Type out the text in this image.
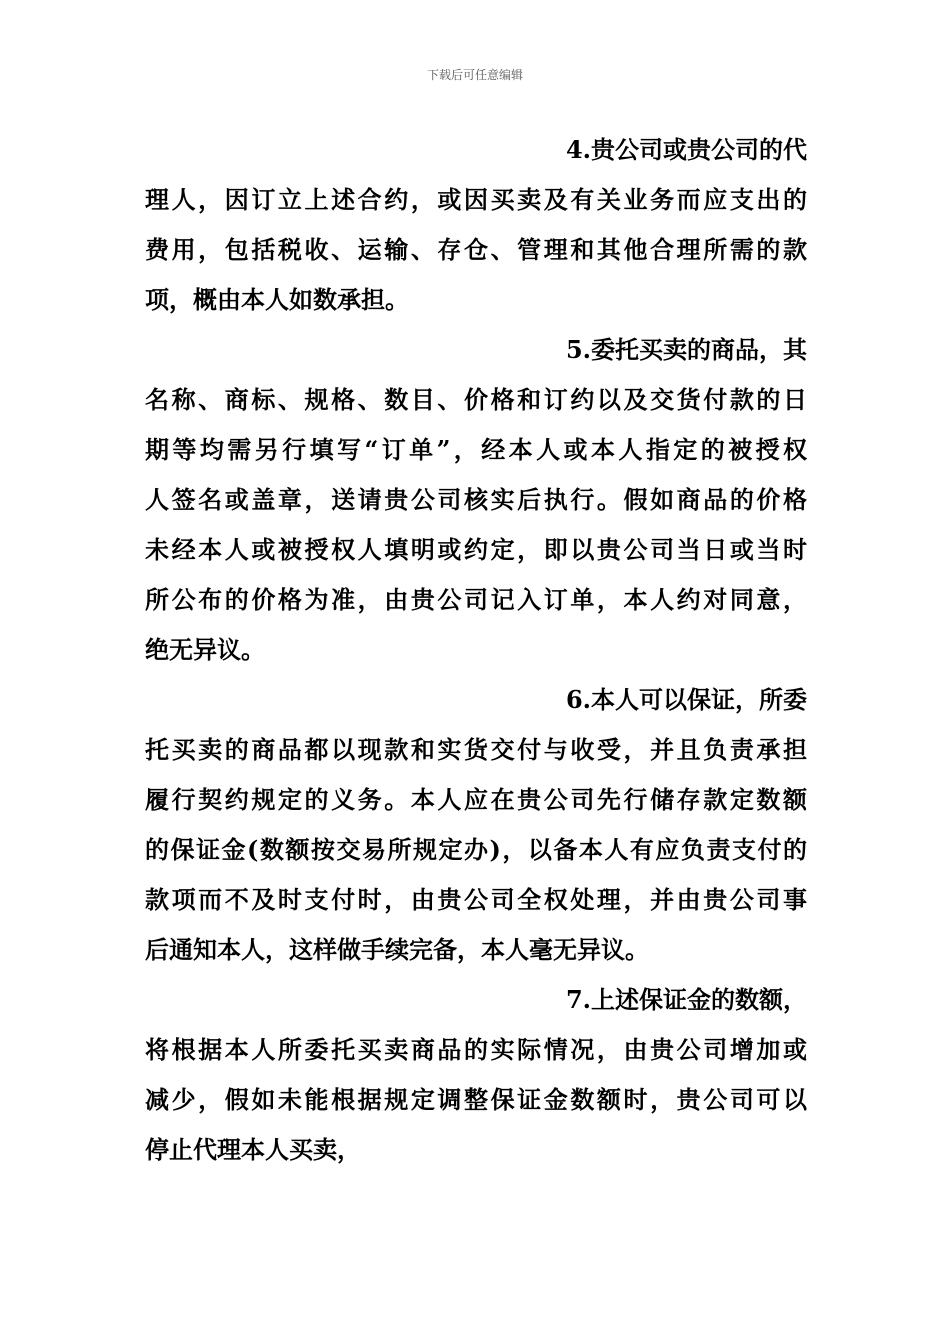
下载后可任意编辑

4.贵公司或贵公司的代

理人，因订立上述合约，或因买卖及有关业务而应支出的

费用，包括税收、运输、存仓、管理和其他合理所需的款

项，概由本人如数承担。

5.委托买卖的商品，其

名称、商标、规格、数目、价格和订约以及交货付款的日

期等均需另行填写“订单”，经本人或本人指定的被授权

人签名或盖章，送请贵公司核实后执行。假如商品的价格

未经本人或被授权人填明或约定，即以贵公司当日或当时

所公布的价格为准，由贵公司记入订单，本人约对同意，

绝无异议。

6.本人可以保证，所委

托买卖的商品都以现款和实货交付与收受，并且负责承担

履行契约规定的义务。本人应在贵公司先行储存款定数额

的保证金(数额按交易所规定办)，以备本人有应负责支付的

款项而不及时支付时，由贵公司全权处理，并由贵公司事

后通知本人，这样做手续完备，本人毫无异议。

7.上述保证金的数额，

将根据本人所委托买卖商品的实际情况，由贵公司增加或

减少，假如未能根据规定调整保证金数额时，贵公司可以

停止代理本人买卖，
